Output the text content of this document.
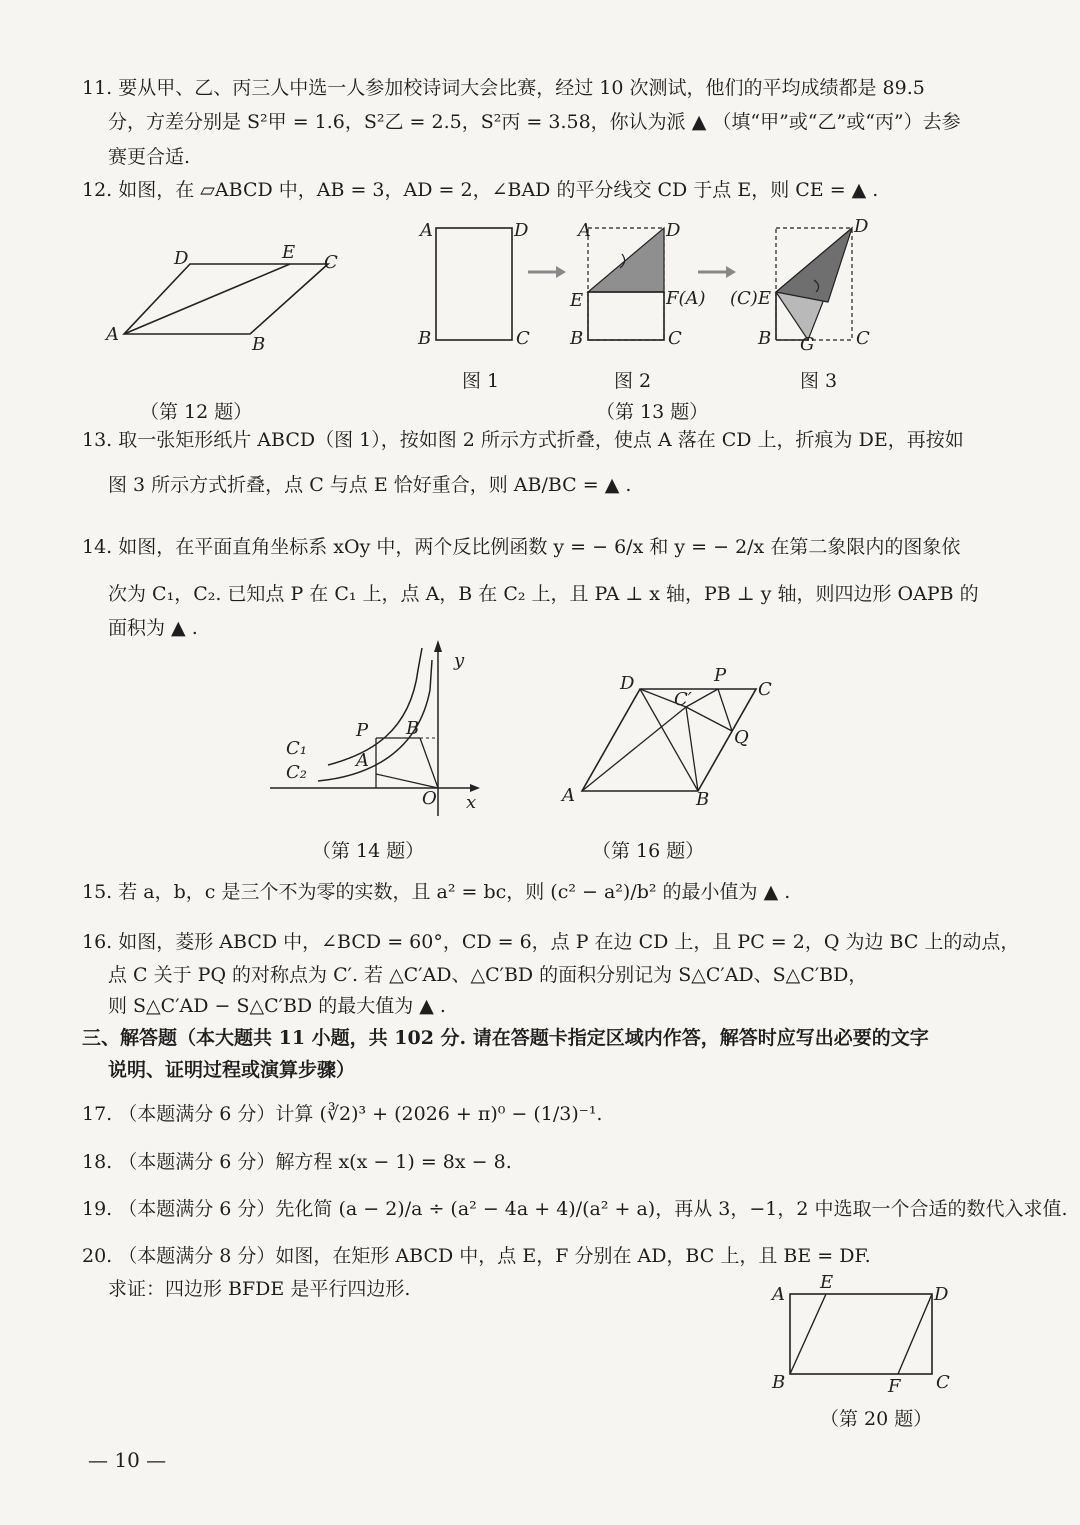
11. 要从甲、乙、丙三人中选一人参加校诗词大会比赛，经过 10 次测试，他们的平均成绩都是 89.5
分，方差分别是 S²甲 = 1.6，S²乙 = 2.5，S²丙 = 3.58，你认为派 ▲ （填“甲”或“乙”或“丙”）去参
赛更合适.
12. 如图，在 ▱ABCD 中，AB = 3，AD = 2，∠BAD 的平分线交 CD 于点 E，则 CE = ▲ .
13. 取一张矩形纸片 ABCD（图 1），按如图 2 所示方式折叠，使点 A 落在 CD 上，折痕为 DE，再按如
图 3 所示方式折叠，点 C 与点 E 恰好重合，则 AB/BC = ▲ .
14. 如图，在平面直角坐标系 xOy 中，两个反比例函数 y = − 6/x 和 y = − 2/x 在第二象限内的图象依
次为 C₁，C₂. 已知点 P 在 C₁ 上，点 A，B 在 C₂ 上，且 PA ⊥ x 轴，PB ⊥ y 轴，则四边形 OAPB 的
面积为 ▲ .
15. 若 a，b，c 是三个不为零的实数，且 a² = bc，则 (c² − a²)/b² 的最小值为 ▲ .
16. 如图，菱形 ABCD 中，∠BCD = 60°，CD = 6，点 P 在边 CD 上，且 PC = 2，Q 为边 BC 上的动点，
点 C 关于 PQ 的对称点为 C′. 若 △C′AD、△C′BD 的面积分别记为 S△C′AD、S△C′BD，
则 S△C′AD − S△C′BD 的最大值为 ▲ .
三、解答题（本大题共 11 小题，共 102 分. 请在答题卡指定区域内作答，解答时应写出必要的文字
说明、证明过程或演算步骤）
17. （本题满分 6 分）计算 (∛2)³ + (2026 + π)⁰ − (1/3)⁻¹.
18. （本题满分 6 分）解方程 x(x − 1) = 8x − 8.
19. （本题满分 6 分）先化简 (a − 2)/a ÷ (a² − 4a + 4)/(a² + a)，再从 3，−1，2 中选取一个合适的数代入求值.
20. （本题满分 8 分）如图，在矩形 ABCD 中，点 E，F 分别在 AD，BC 上，且 BE = DF.
求证：四边形 BFDE 是平行四边形.
A	B
C
D	E
（第 12 题）
A	D
B	C
A	D
E	F(A)
B	C
D
(C)E
B G C
图 1	图 2	图 3
（第 13 题）
y
x
O
P B
A
C₁
C₂
（第 14 题）
A	B
C
D	P
Q
C′
（第 16 题）
A
E
D
B	F C
（第 20 题）
— 10 —
